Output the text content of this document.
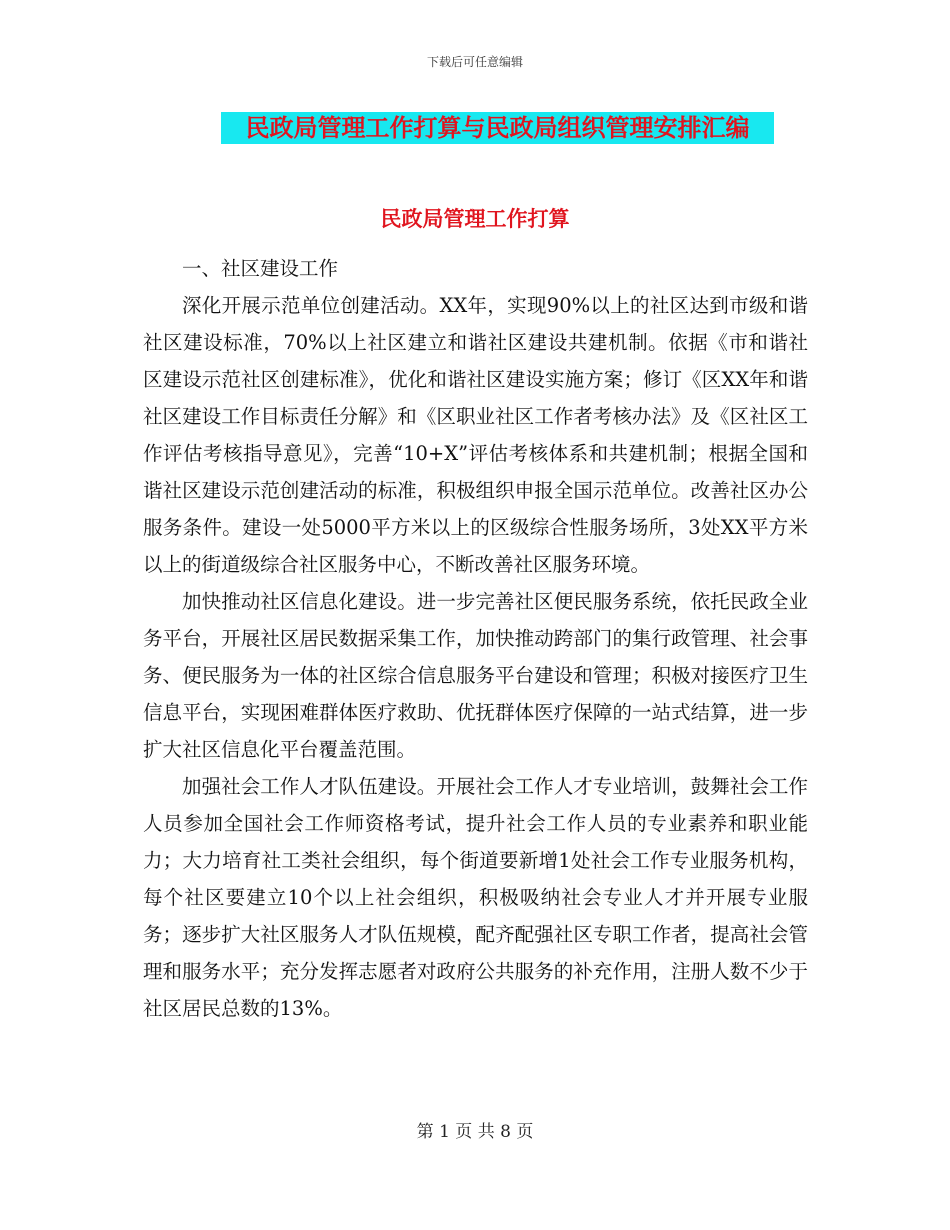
下载后可任意编辑
民政局管理工作打算与民政局组织管理安排汇编
民政局管理工作打算

一、社区建设工作

深化开展示范单位创建活动。XX年，实现90%以上的社区达到市级和谐社区建设标准，70%以上社区建立和谐社区建设共建机制。依据《市和谐社区建设示范社区创建标准》，优化和谐社区建设实施方案；修订《区XX年和谐社区建设工作目标责任分解》和《区职业社区工作者考核办法》及《区社区工作评估考核指导意见》，完善“10+X”评估考核体系和共建机制；根据全国和谐社区建设示范创建活动的标准，积极组织申报全国示范单位。改善社区办公服务条件。建设一处5000平方米以上的区级综合性服务场所，3处XX平方米以上的街道级综合社区服务中心，不断改善社区服务环境。

加快推动社区信息化建设。进一步完善社区便民服务系统，依托民政全业务平台，开展社区居民数据采集工作，加快推动跨部门的集行政管理、社会事务、便民服务为一体的社区综合信息服务平台建设和管理；积极对接医疗卫生信息平台，实现困难群体医疗救助、优抚群体医疗保障的一站式结算，进一步扩大社区信息化平台覆盖范围。

加强社会工作人才队伍建设。开展社会工作人才专业培训，鼓舞社会工作人员参加全国社会工作师资格考试，提升社会工作人员的专业素养和职业能力；大力培育社工类社会组织，每个街道要新增1处社会工作专业服务机构，每个社区要建立10个以上社会组织，积极吸纳社会专业人才并开展专业服务；逐步扩大社区服务人才队伍规模，配齐配强社区专职工作者，提高社会管理和服务水平；充分发挥志愿者对政府公共服务的补充作用，注册人数不少于社区居民总数的13%。

第 1 页 共 8 页
